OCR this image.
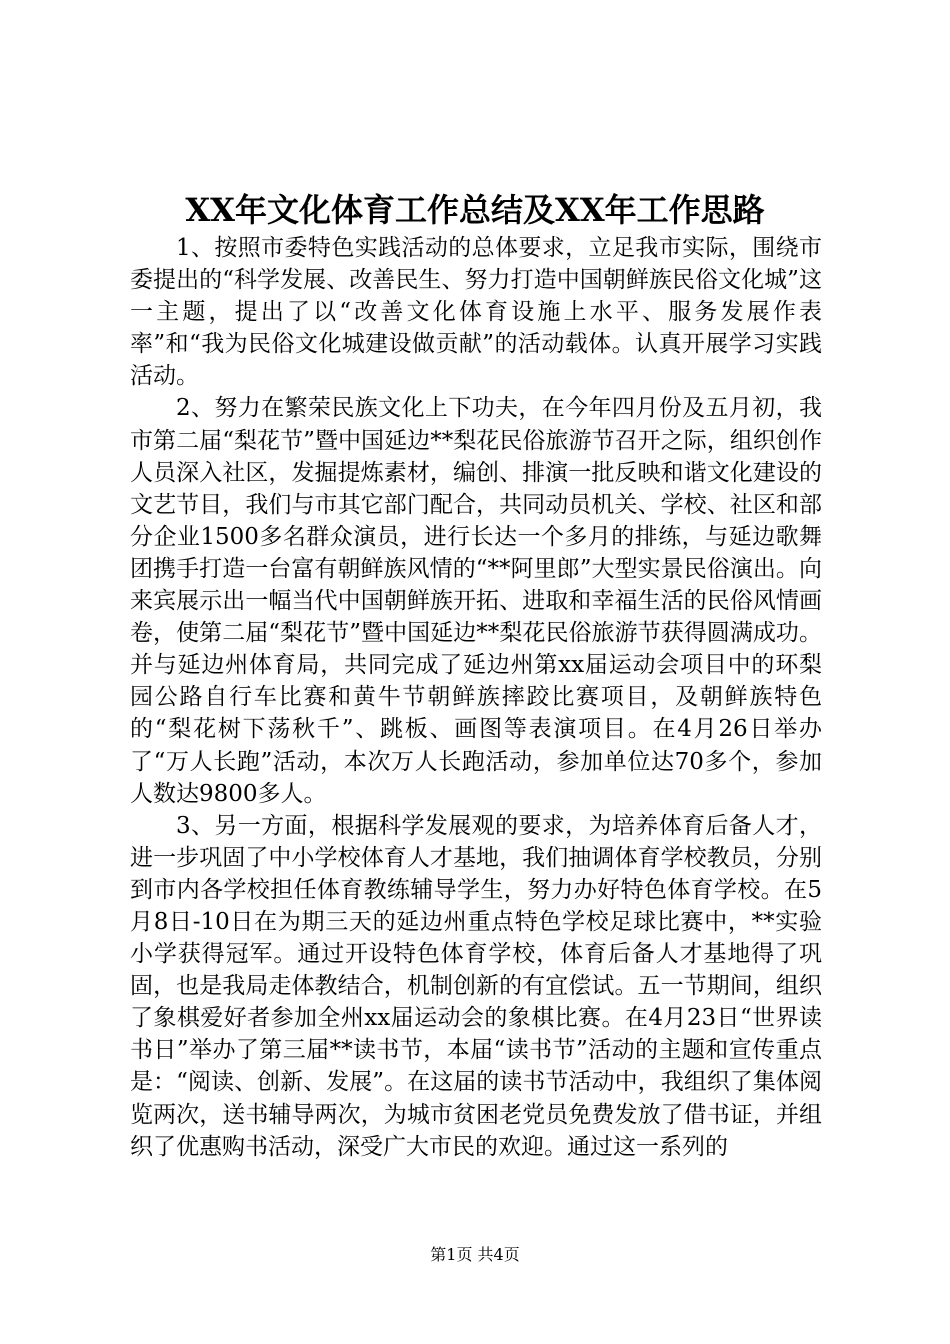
XX年文化体育工作总结及XX年工作思路

1、按照市委特色实践活动的总体要求，立足我市实际，围绕市委提出的“科学发展、改善民生、努力打造中国朝鲜族民俗文化城”这一主题，提出了以“改善文化体育设施上水平、服务发展作表率”和“我为民俗文化城建设做贡献”的活动载体。认真开展学习实践活动。

2、努力在繁荣民族文化上下功夫，在今年四月份及五月初，我市第二届“梨花节”暨中国延边**梨花民俗旅游节召开之际，组织创作人员深入社区，发掘提炼素材，编创、排演一批反映和谐文化建设的文艺节目，我们与市其它部门配合，共同动员机关、学校、社区和部分企业1500多名群众演员，进行长达一个多月的排练，与延边歌舞团携手打造一台富有朝鲜族风情的“**阿里郎”大型实景民俗演出。向来宾展示出一幅当代中国朝鲜族开拓、进取和幸福生活的民俗风情画卷，使第二届“梨花节”暨中国延边**梨花民俗旅游节获得圆满成功。并与延边州体育局，共同完成了延边州第xx届运动会项目中的环梨园公路自行车比赛和黄牛节朝鲜族摔跤比赛项目，及朝鲜族特色的“梨花树下荡秋千”、跳板、画图等表演项目。在4月26日举办了“万人长跑”活动，本次万人长跑活动，参加单位达70多个，参加人数达9800多人。

3、另一方面，根据科学发展观的要求，为培养体育后备人才，进一步巩固了中小学校体育人才基地，我们抽调体育学校教员，分别到市内各学校担任体育教练辅导学生，努力办好特色体育学校。在5月8日-10日在为期三天的延边州重点特色学校足球比赛中，**实验小学获得冠军。通过开设特色体育学校，体育后备人才基地得了巩固，也是我局走体教结合，机制创新的有宜偿试。五一节期间，组织了象棋爱好者参加全州xx届运动会的象棋比赛。在4月23日“世界读书日”举办了第三届**读书节，本届“读书节”活动的主题和宣传重点是：“阅读、创新、发展”。在这届的读书节活动中，我组织了集体阅览两次，送书辅导两次，为城市贫困老党员免费发放了借书证，并组织了优惠购书活动，深受广大市民的欢迎。通过这一系列的

第1页 共4页
